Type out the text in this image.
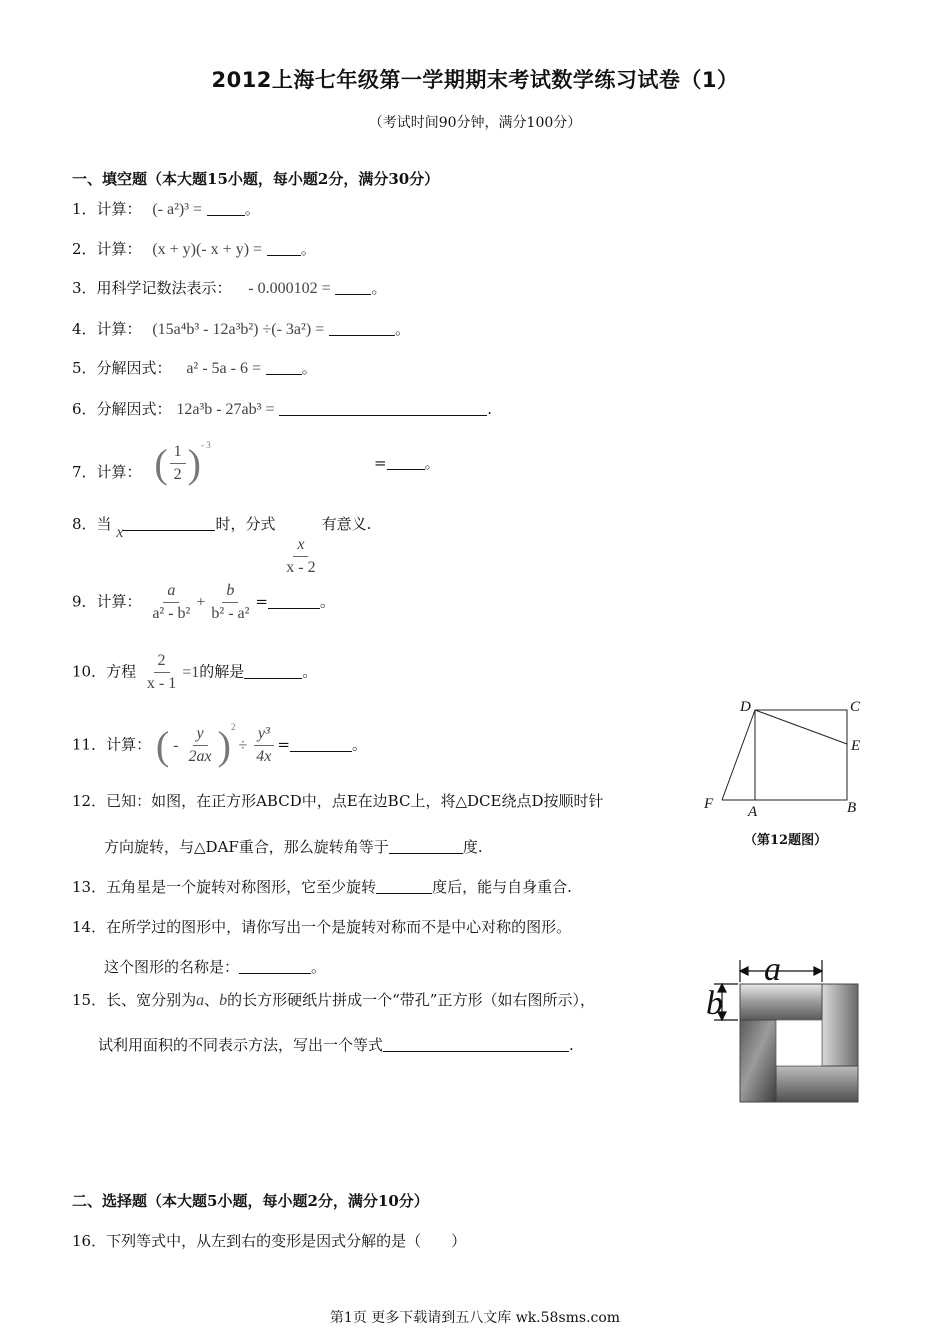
2012上海七年级第一学期期末考试数学练习试卷（1）
（考试时间90分钟，满分100分）
一、填空题（本大题15小题，每小题2分，满分30分）
1．计算： (- a²)³ =	。
2．计算： (x + y)(- x + y) =	。
3．用科学记数法表示： - 0.000102 =	。
4．计算： (15a⁴b³ - 12a³b²) ÷(- 3a²) =	。
5．分解因式： a² - 5a - 6 =	。
6．分解因式： 12a³b - 27ab³ =	.
7．计算： ( $\frac{1}{2} )^{- 3}$
=	。
8．当 x	时，分式
$\frac{x}{x - 2}$
有意义.
9．计算： $\frac{a}{\text{a² - b²}} + \frac{b}{\text{b² - a²}}$ =	。
10．方程 $\frac{2}{x - 1} =1$ 的解是	。
11．计算： ( - $\frac{y}{2ax} )^2$
÷ $\frac{\text{y³}}{4x}$ =	。
12．已知：如图，在正方形ABCD中，点E在边BC上，将△DCE绕点D按顺时针
方向旋转，与△DAF重合，那么旋转角等于	度.
13．五角星是一个旋转对称图形，它至少旋转	度后，能与自身重合.
14．在所学过的图形中，请你写出一个是旋转对称而不是中心对称的图形。
这个图形的名称是：	。
15．长、宽分别为a、b的长方形硬纸片拼成一个“带孔”正方形（如右图所示），
试利用面积的不同表示方法，写出一个等式	.
二、选择题（本大题5小题，每小题2分，满分10分）
16．下列等式中，从左到右的变形是因式分解的是（　　）
D	C
E
F A	B
（第12题图）
a
b
第1页 更多下载请到五八文库 wk.58sms.com
